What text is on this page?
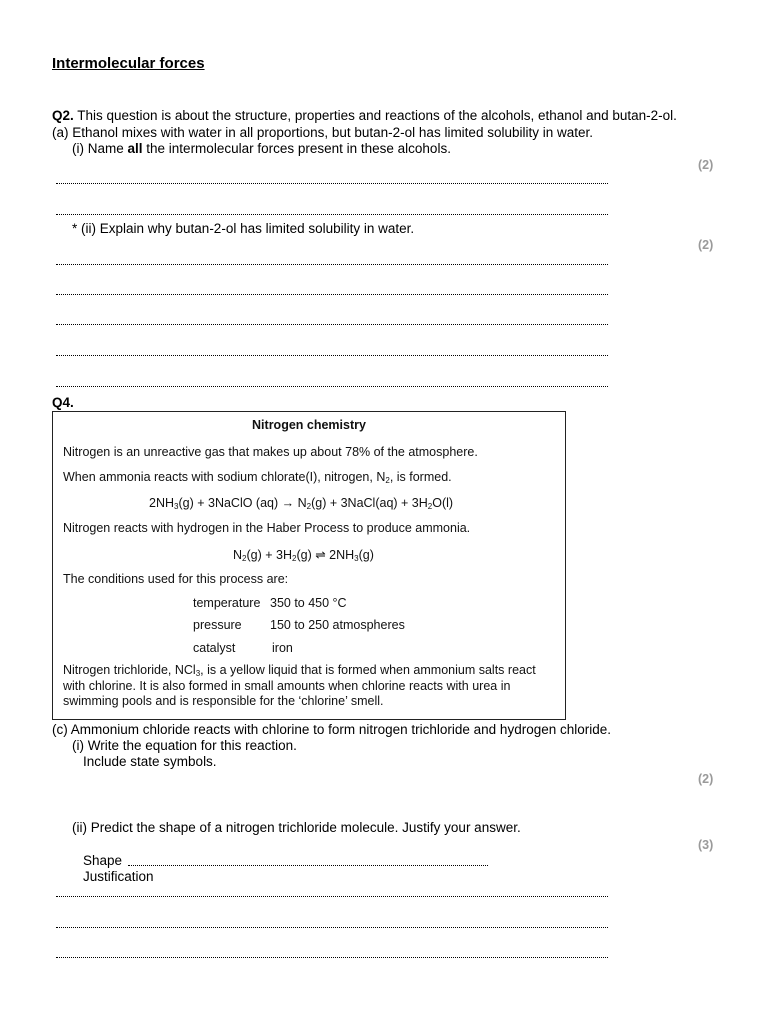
Intermolecular forces
Q2. This question is about the structure, properties and reactions of the alcohols, ethanol and butan-2-ol.
(a) Ethanol mixes with water in all proportions, but butan-2-ol has limited solubility in water.
(i) Name all the intermolecular forces present in these alcohols.
(2)
* (ii) Explain why butan-2-ol has limited solubility in water.
(2)
Q4.
Nitrogen chemistry
Nitrogen is an unreactive gas that makes up about 78% of the atmosphere.
When ammonia reacts with sodium chlorate(I), nitrogen, $N_2$, is formed.
$2NH_3(g)$ + 3NaClO $(aq) \to N_2(g)$ + 3NaCl(aq) + $3H_2O(l)$
Nitrogen reacts with hydrogen in the Haber Process to produce ammonia.
$N_2(g) + 3H_2(g)$ ⇌ $2NH_3(g)$
The conditions used for this process are:
temperature 350 to 450 °C
pressure 150 to 250 atmospheres
catalyst	iron
Nitrogen trichloride, NCl$_3$, is a yellow liquid that is formed when ammonium salts react
with chlorine. It is also formed in small amounts when chlorine reacts with urea in
swimming pools and is responsible for the ‘chlorine’ smell.
(c) Ammonium chloride reacts with chlorine to form nitrogen trichloride and hydrogen chloride.
(i) Write the equation for this reaction.
Include state symbols.
(2)
(ii) Predict the shape of a nitrogen trichloride molecule. Justify your answer.
(3)
Shape
Justification
